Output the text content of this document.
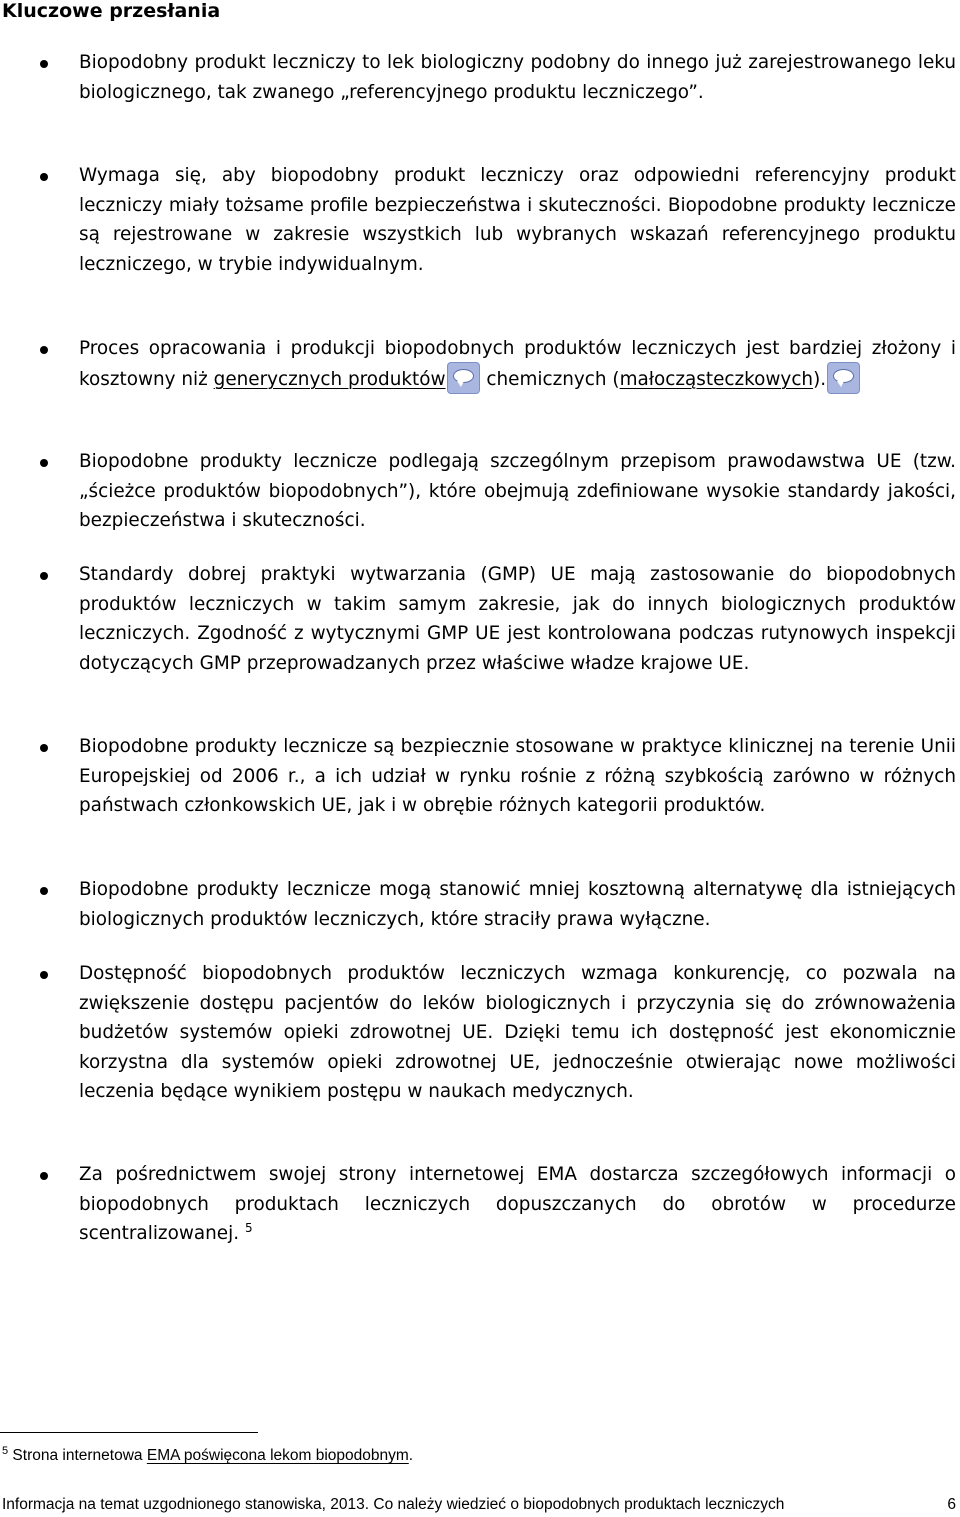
Kluczowe przesłania
Biopodobny produkt leczniczy to lek biologiczny podobny do innego już zarejestrowanego leku biologicznego, tak zwanego „referencyjnego produktu leczniczego”.
Wymaga się, aby biopodobny produkt leczniczy oraz odpowiedni referencyjny produkt leczniczy miały tożsame profile bezpieczeństwa i skuteczności. Biopodobne produkty lecznicze są rejestrowane w zakresie wszystkich lub wybranych wskazań referencyjnego produktu leczniczego, w trybie indywidualnym.
Proces opracowania i produkcji biopodobnych produktów leczniczych jest bardziej złożony i kosztowny niż generycznych produktów chemicznych (małocząsteczkowych).
Biopodobne produkty lecznicze podlegają szczególnym przepisom prawodawstwa UE (tzw. „ścieżce produktów biopodobnych”), które obejmują zdefiniowane wysokie standardy jakości, bezpieczeństwa i skuteczności.
Standardy dobrej praktyki wytwarzania (GMP) UE mają zastosowanie do biopodobnych produktów leczniczych w takim samym zakresie, jak do innych biologicznych produktów leczniczych. Zgodność z wytycznymi GMP UE jest kontrolowana podczas rutynowych inspekcji dotyczących GMP przeprowadzanych przez właściwe władze krajowe UE.
Biopodobne produkty lecznicze są bezpiecznie stosowane w praktyce klinicznej na terenie Unii Europejskiej od 2006 r., a ich udział w rynku rośnie z różną szybkością zarówno w różnych państwach członkowskich UE, jak i w obrębie różnych kategorii produktów.
Biopodobne produkty lecznicze mogą stanowić mniej kosztowną alternatywę dla istniejących biologicznych produktów leczniczych, które straciły prawa wyłączne.
Dostępność biopodobnych produktów leczniczych wzmaga konkurencję, co pozwala na zwiększenie dostępu pacjentów do leków biologicznych i przyczynia się do zrównoważenia budżetów systemów opieki zdrowotnej UE. Dzięki temu ich dostępność jest ekonomicznie korzystna dla systemów opieki zdrowotnej UE, jednocześnie otwierając nowe możliwości leczenia będące wynikiem postępu w naukach medycznych.
Za pośrednictwem swojej strony internetowej EMA dostarcza szczegółowych informacji o biopodobnych produktach leczniczych dopuszczanych do obrotów w procedurze scentralizowanej. $^5$
$^5$ Strona internetowa EMA poświęcona lekom biopodobnym.
Informacja na temat uzgodnionego stanowiska, 2013. Co należy wiedzieć o biopodobnych produktach leczniczych	6
